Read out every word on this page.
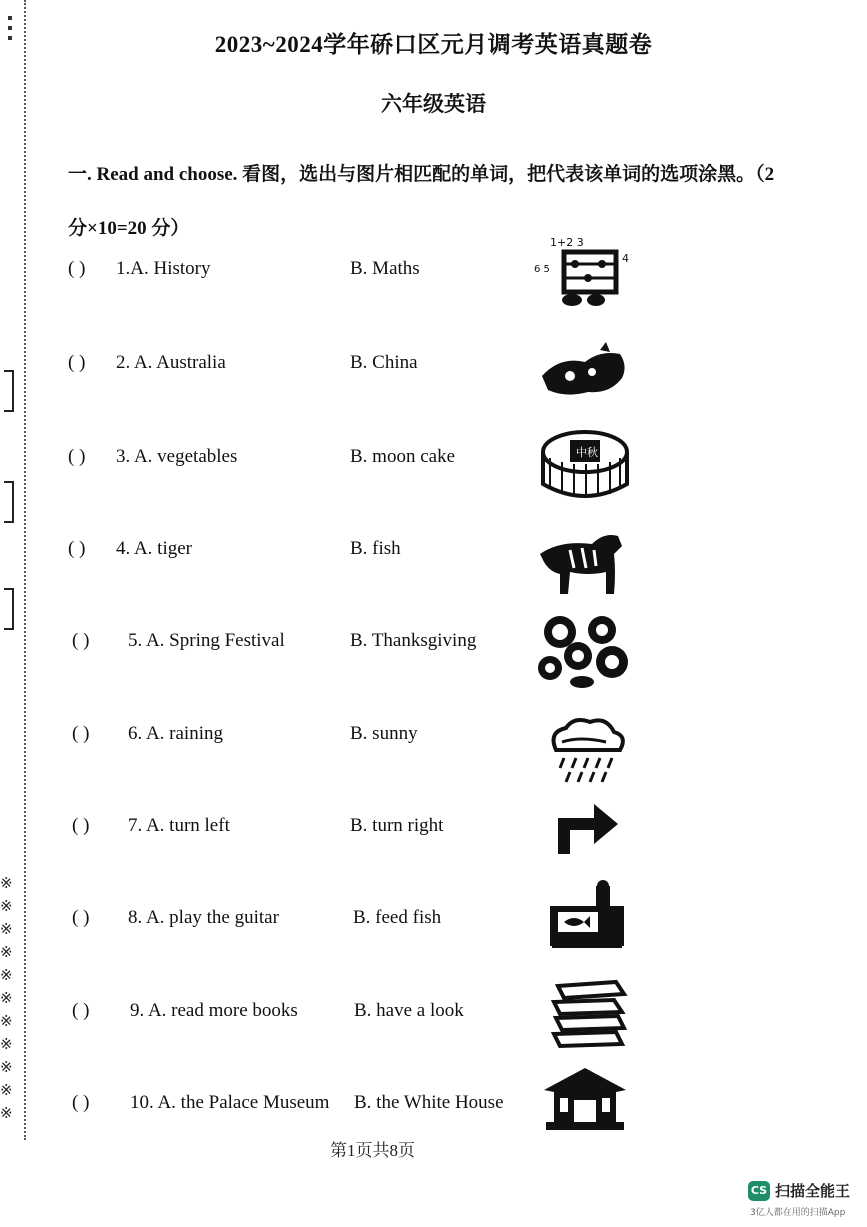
※
※
※
※
※
※
※
※
※
※
※
2023~2024学年硚口区元月调考英语真题卷
六年级英语
一. Read and choose. 看图，选出与图片相匹配的单词，把代表该单词的选项涂黑。（2
分×10=20 分）
( ) 1.A. History	B. Maths
( ) 2. A. Australia	B. China
( ) 3. A. vegetables	B. moon cake
( ) 4. A. tiger	B. fish
( ) 5. A. Spring Festival	B. Thanksgiving
( ) 6. A. raining	B. sunny
( ) 7. A. turn left	B. turn right
( ) 8. A. play the guitar	B. feed fish
( ) 9. A. read more books	B. have a look
( ) 10. A. the Palace Museum B. the White House
1+2 3
6 5
4
中秋
第1页共8页
CS 扫描全能王
3亿人都在用的扫描App
